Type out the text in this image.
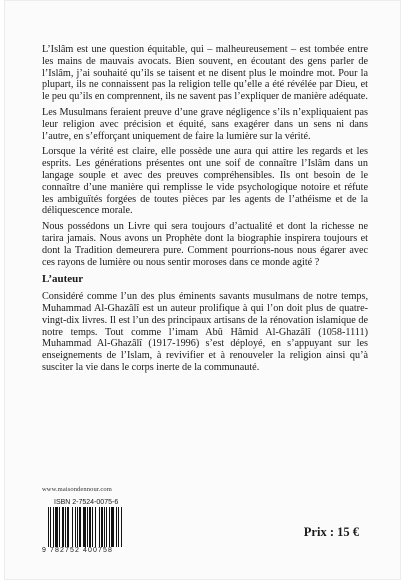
L’Islâm est une question équitable, qui – malheureusement – est tombée entre les mains de mauvais avocats. Bien souvent, en écoutant des gens parler de l’Islâm, j’ai souhaité qu’ils se taisent et ne disent plus le moindre mot. Pour la plupart, ils ne connaissent pas la religion telle qu’elle a été révélée par Dieu, et le peu qu’ils en comprennent, ils ne savent pas l’expliquer de manière adéquate.

Les Musulmans feraient preuve d’une grave négligence s’ils n’expliquaient pas leur religion avec précision et équité, sans exagérer dans un sens ni dans l’autre, en s’efforçant uniquement de faire la lumière sur la vérité.

Lorsque la vérité est claire, elle possède une aura qui attire les regards et les esprits. Les générations présentes ont une soif de connaître l’Islâm dans un langage souple et avec des preuves compréhensibles. Ils ont besoin de le connaître d’une manière qui remplisse le vide psychologique notoire et réfute les ambiguïtés forgées de toutes pièces par les agents de l’athéisme et de la déliquescence morale.

Nous possédons un Livre qui sera toujours d’actualité et dont la richesse ne tarira jamais. Nous avons un Prophète dont la biographie inspirera toujours et dont la Tradition demeurera pure. Comment pourrions-nous nous égarer avec ces rayons de lumière ou nous sentir moroses dans ce monde agité ?

L’auteur

Considéré comme l’un des plus éminents savants musulmans de notre temps, Muhammad Al-Ghazâlî est un auteur prolifique à qui l’on doit plus de quatre-vingt-dix livres. Il est l’un des principaux artisans de la rénovation islamique de notre temps. Tout comme l’imam Abû Hâmid Al-Ghazâlî (1058-1111) Muhammad Al-Ghazâlî (1917-1996) s’est déployé, en s’appuyant sur les enseignements de l’Islam, à revivifier et à renouveler la religion ainsi qu’à susciter la vie dans le corps inerte de la communauté.

www.maisondennour.com
ISBN 2-7524-0075-6
9 782752 400758
Prix : 15 €
